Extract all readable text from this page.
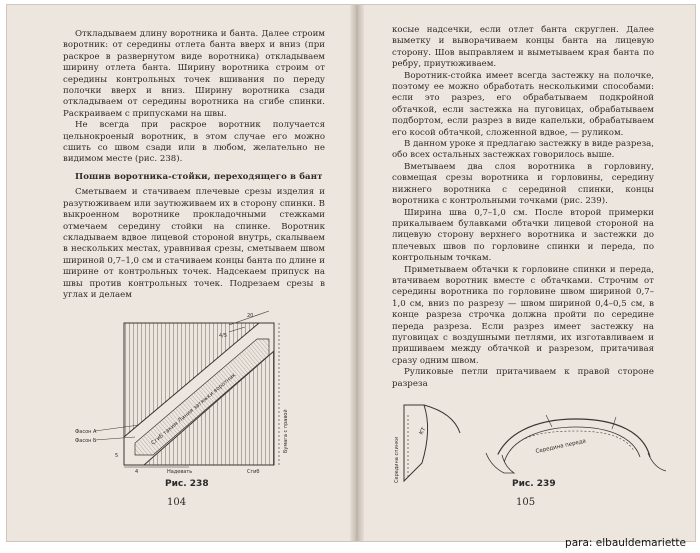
Откладываем длину воротника и банта. Далее строим воротник: от середины отлета банта вверх и вниз (при раскрое в развернутом виде воротника) откладываем ширину отлета банта. Ширину воротника строим от середины контрольных точек вшивания по переду полочки вверх и вниз. Ширину воротника сзади откладываем от середины воротника на сгибе спинки. Раскраиваем с припусками на швы.

Не всегда при раскрое воротник получается цельнокроеный воротник, в этом случае его можно сшить со швом сзади или в любом, желательно не видимом месте (рис. 238).

Пошив воротника-стойки, переходящего в бант

Сметываем и стачиваем плечевые срезы изделия и разутюживаем или заутюживаем их в сторону спинки. В выкроенном воротнике прокладочными стежками отмечаем середину стойки на спинке. Воротник складываем вдвое лицевой стороной внутрь, скалываем в нескольких местах, уравнивая срезы, сметываем швом шириной 0,7–1,0 см и стачиваем концы банта по длине и ширине от контрольных точек. Надсекаем припуск на швы против контрольных точек. Подрезаем срезы в углах и делаем

Фасон А
Фасон Б	Сгиб таким Линия затяжки воротник	Бумага с правой
20
4/5
5
4	Надевать	Сгиб
Рис. 238
104

косые надсечки, если отлет банта скруглен. Далее выметку и выворачиваем концы банта на лицевую сторону. Шов выправляем и выметываем края банта по ребру, приутюживаем.

Воротник-стойка имеет всегда застежку на полочке, поэтому ее можно обработать несколькими способами: если это разрез, его обрабатываем подкройной обтачкой, если застежка на пуговицах, обрабатываем подбортом, если разрез в виде капельки, обрабатываем его косой обтачкой, сложенной вдвое, — руликом.

В данном уроке я предлагаю застежку в виде разреза, обо всех остальных застежках говорилось выше.

Вметываем два слоя воротника в горловину, совмещая срезы воротника и горловины, середину нижнего воротника с серединой спинки, концы воротника с контрольными точками (рис. 239).

Ширина шва 0,7–1,0 см. После второй примерки прикалываем булавками обтачки лицевой стороной на лицевую сторону верхнего воротника и застежки до плечевых швов по горловине спинки и переда, по контрольным точкам.

Приметываем обтачки к горловине спинки и переда, втачиваем воротник вместе с обтачками. Строчим от середины воротника по горловине швом шириной 0,7–1,0 см, вниз по разрезу — швом шириной 0,4–0,5 см, в конце разреза строчка должна пройти по середине переда разреза. Если разрез имеет застежку на пуговицах с воздушными петлями, их изготавливаем и пришиваем между обтачкой и разрезом, притачивая сразу одним швом.

Руликовые петли притачиваем к правой стороне разреза

КТ
Середина спинки	Середина переда
Рис. 239
105
para: elbauldemariette
